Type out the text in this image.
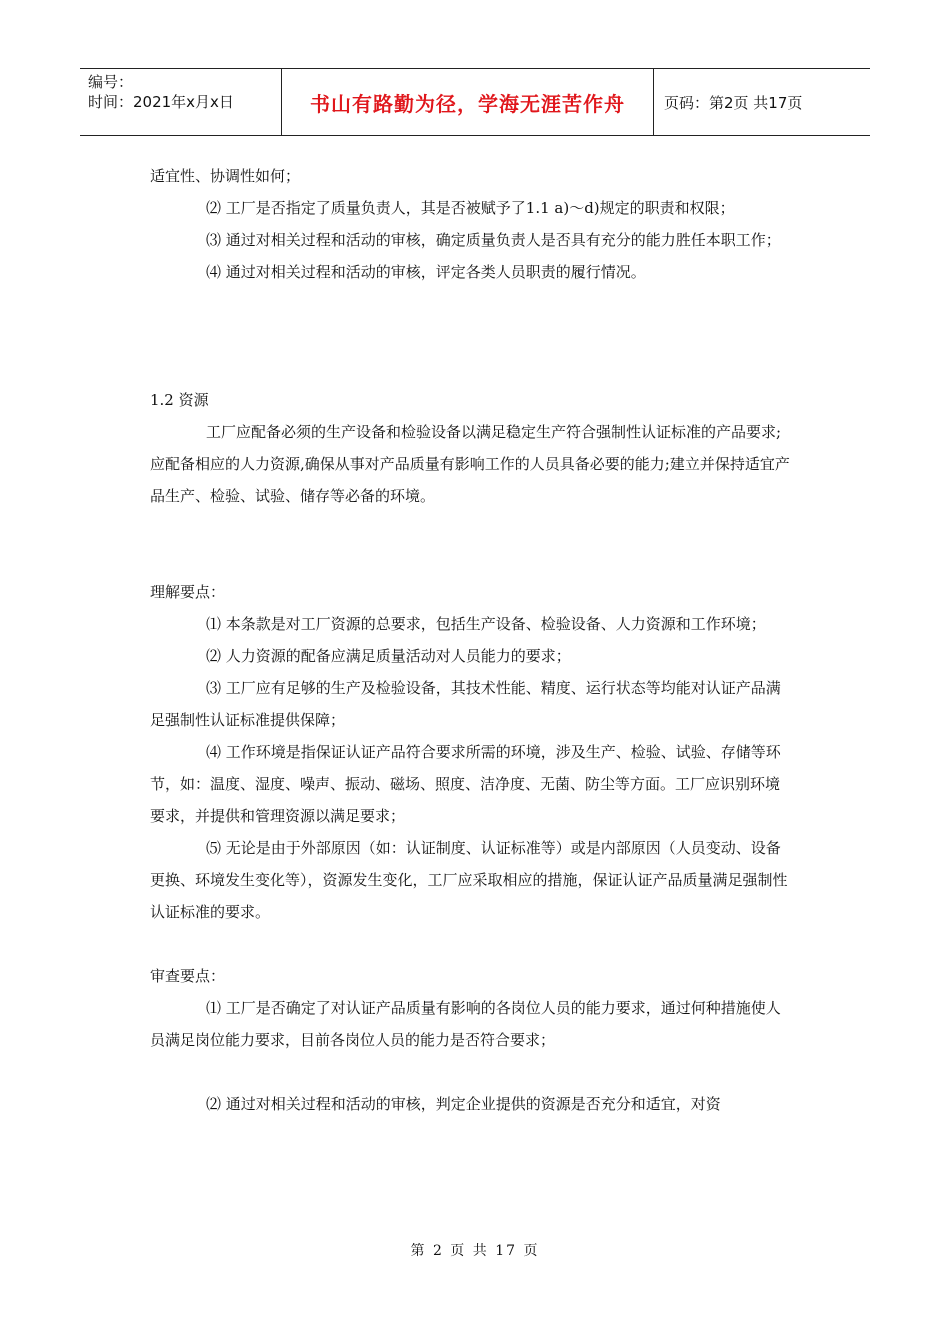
编号：
时间：2021年x月x日	书山有路勤为径，学海无涯苦作舟	页码：第2页 共17页

适宜性、协调性如何；

⑵ 工厂是否指定了质量负责人，其是否被赋予了1.1 a)～d)规定的职责和权限；

⑶ 通过对相关过程和活动的审核，确定质量负责人是否具有充分的能力胜任本职工作；

⑷ 通过对相关过程和活动的审核，评定各类人员职责的履行情况。

1.2 资源

工厂应配备必须的生产设备和检验设备以满足稳定生产符合强制性认证标准的产品要求;应配备相应的人力资源,确保从事对产品质量有影响工作的人员具备必要的能力;建立并保持适宜产品生产、检验、试验、储存等必备的环境。

理解要点：

⑴ 本条款是对工厂资源的总要求，包括生产设备、检验设备、人力资源和工作环境；

⑵ 人力资源的配备应满足质量活动对人员能力的要求；

⑶ 工厂应有足够的生产及检验设备，其技术性能、精度、运行状态等均能对认证产品满足强制性认证标准提供保障；

⑷ 工作环境是指保证认证产品符合要求所需的环境，涉及生产、检验、试验、存储等环节，如：温度、湿度、噪声、振动、磁场、照度、洁净度、无菌、防尘等方面。工厂应识别环境要求，并提供和管理资源以满足要求；

⑸ 无论是由于外部原因（如：认证制度、认证标准等）或是内部原因（人员变动、设备更换、环境发生变化等），资源发生变化，工厂应采取相应的措施，保证认证产品质量满足强制性认证标准的要求。

审查要点：

⑴ 工厂是否确定了对认证产品质量有影响的各岗位人员的能力要求，通过何种措施使人员满足岗位能力要求，目前各岗位人员的能力是否符合要求；

⑵ 通过对相关过程和活动的审核，判定企业提供的资源是否充分和适宜，对资

第 2 页 共 17 页
